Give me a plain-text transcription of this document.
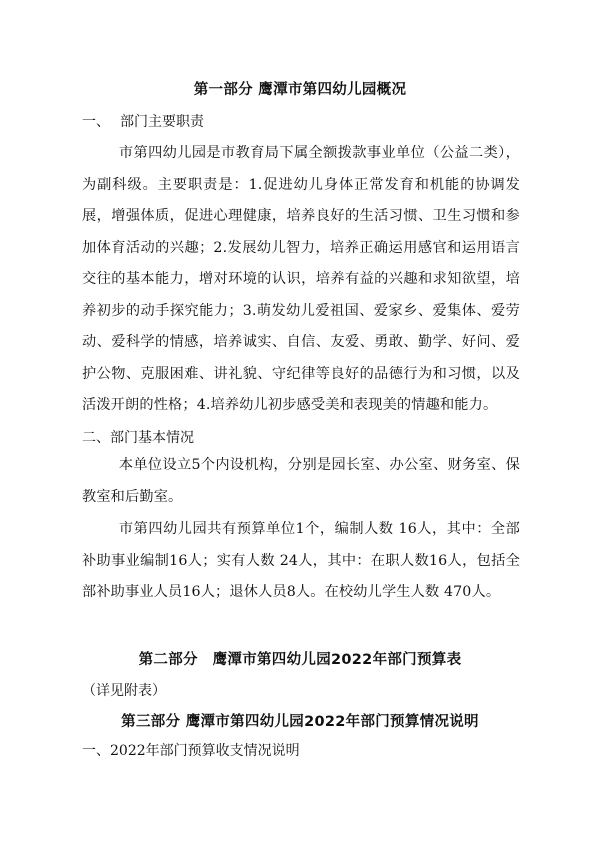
第一部分 鹰潭市第四幼儿园概况
一、 部门主要职责

市第四幼儿园是市教育局下属全额拨款事业单位（公益二类），为副科级。主要职责是：1.促进幼儿身体正常发育和机能的协调发展，增强体质，促进心理健康，培养良好的生活习惯、卫生习惯和参加体育活动的兴趣；2.发展幼儿智力，培养正确运用感官和运用语言交往的基本能力，增对环境的认识，培养有益的兴趣和求知欲望，培养初步的动手探究能力；3.萌发幼儿爱祖国、爱家乡、爱集体、爱劳动、爱科学的情感，培养诚实、自信、友爱、勇敢、勤学、好问、爱护公物、克服困难、讲礼貌、守纪律等良好的品德行为和习惯，以及活泼开朗的性格；4.培养幼儿初步感受美和表现美的情趣和能力。

二、部门基本情况

本单位设立5个内设机构，分别是园长室、办公室、财务室、保教室和后勤室。

市第四幼儿园共有预算单位1个，编制人数 16人，其中：全部补助事业编制16人；实有人数 24人，其中：在职人数16人，包括全部补助事业人员16人；退休人员8人。在校幼儿学生人数 470人。

第二部分　鹰潭市第四幼儿园2022年部门预算表
（详见附表）
第三部分 鹰潭市第四幼儿园2022年部门预算情况说明
一、2022年部门预算收支情况说明
